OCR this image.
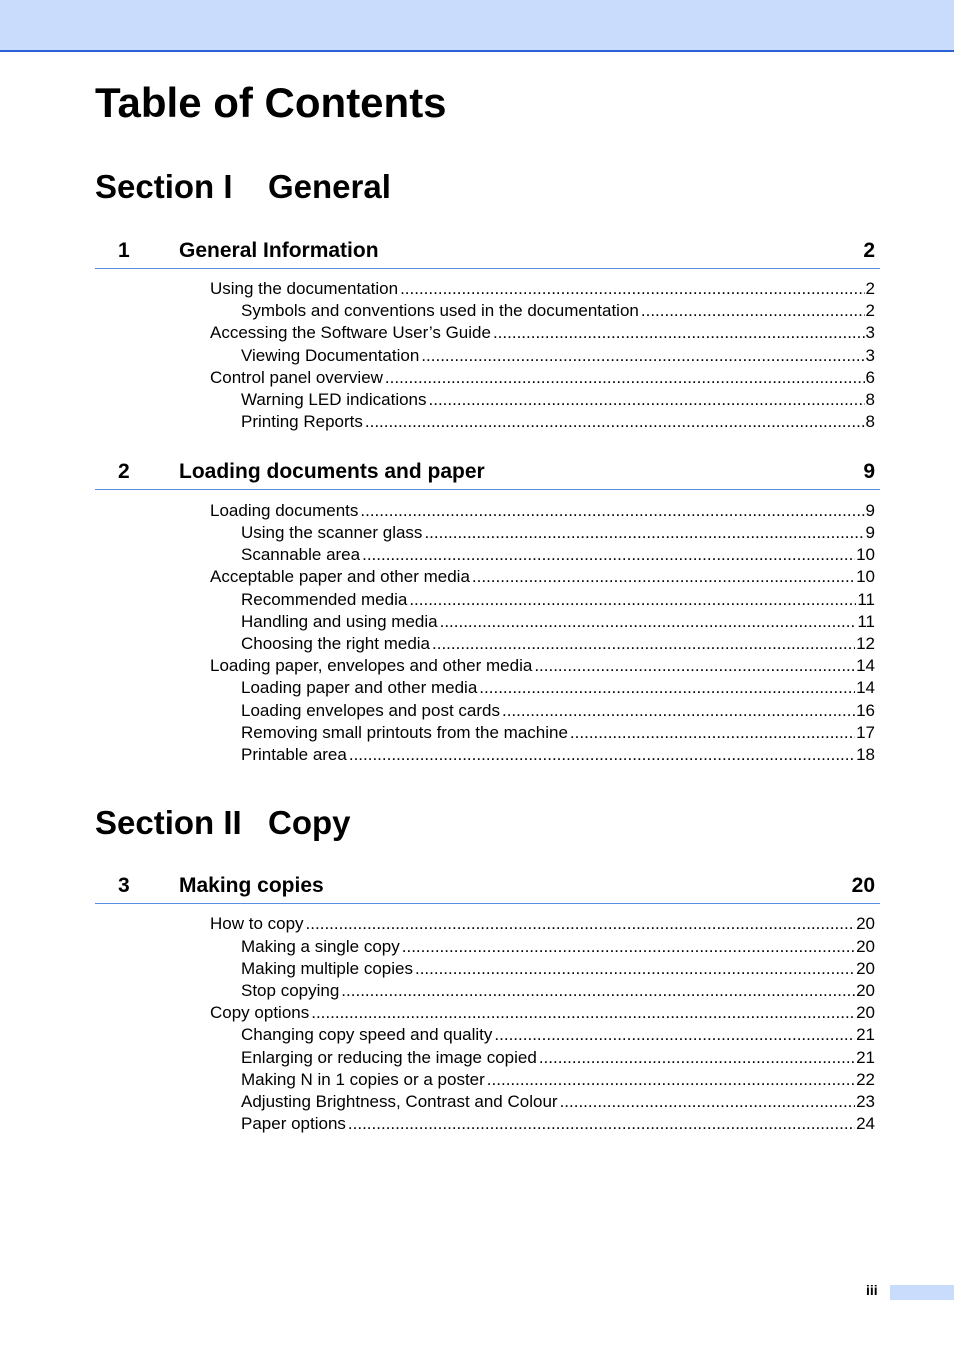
Table of Contents
Section I General
1 General Information	2
Using the documentation .....	2
Symbols and conventions used in the documentation .....	2
Accessing the Software User’s Guide .....	3
Viewing Documentation .....	3
Control panel overview .....	6
Warning LED indications .....	8
Printing Reports .....	8
2 Loading documents and paper	9
Loading documents .....	9
Using the scanner glass .....	9
Scannable area .....	10
Acceptable paper and other media .....	10
Recommended media .....	11
Handling and using media .....	11
Choosing the right media .....	12
Loading paper, envelopes and other media .....	14
Loading paper and other media .....	14
Loading envelopes and post cards .....	16
Removing small printouts from the machine .....	17
Printable area .....	18
Section II Copy
3 Making copies	20
How to copy .....	20
Making a single copy .....	20
Making multiple copies .....	20
Stop copying .....	20
Copy options .....	20
Changing copy speed and quality .....	21
Enlarging or reducing the image copied .....	21
Making N in 1 copies or a poster .....	22
Adjusting Brightness, Contrast and Colour .....	23
Paper options .....	24
iii
